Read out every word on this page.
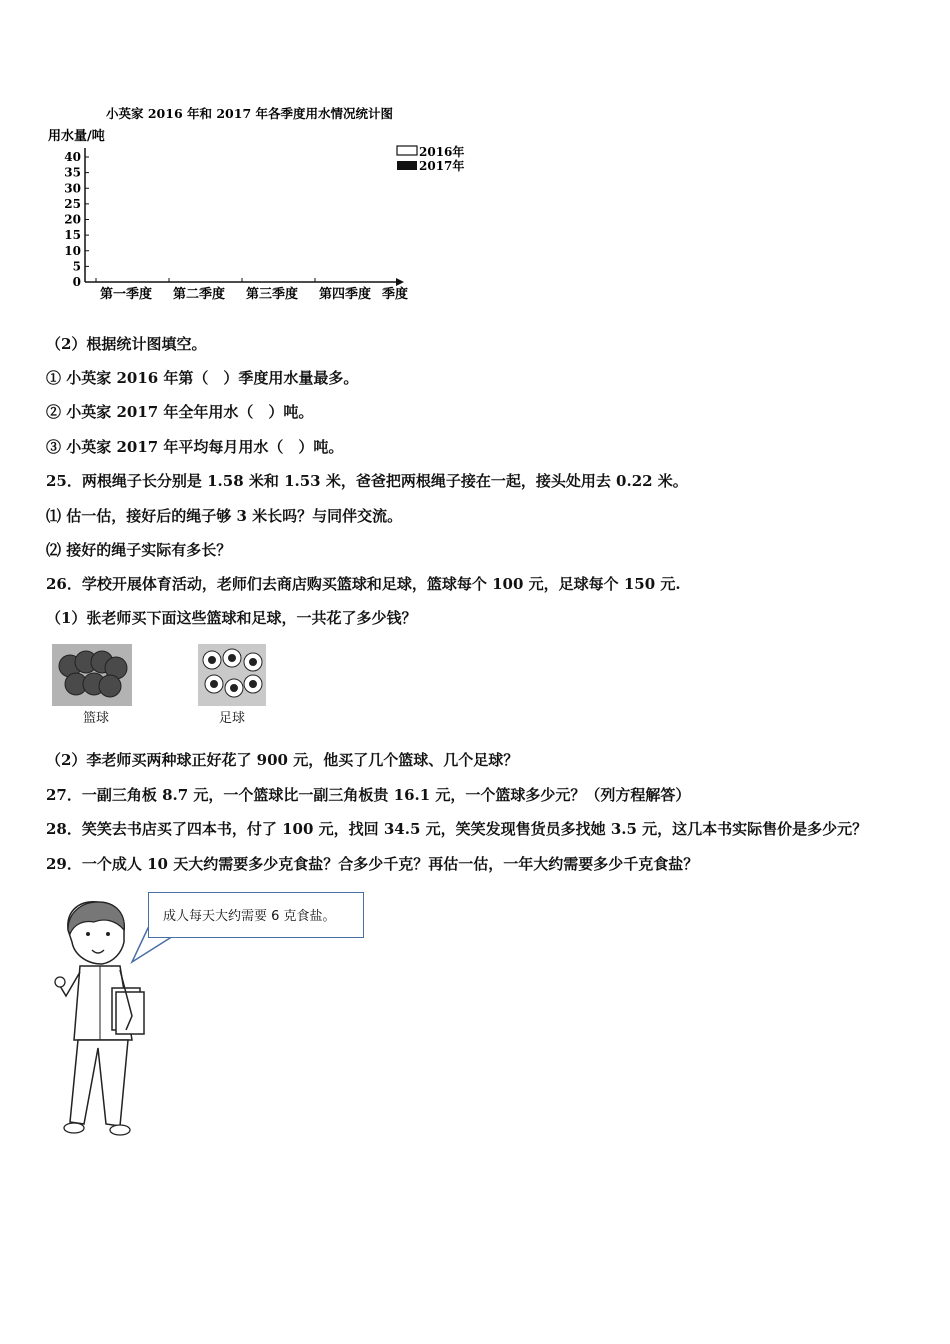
小英家 2016 年和 2017 年各季度用水情况统计图
用水量/吨
0
5
10
15
20
25
30
35
40
第一季度 第二季度 第三季度 第四季度 季度
2016年
2017年
（2）根据统计图填空。
① 小英家 2016 年第（　）季度用水量最多。
② 小英家 2017 年全年用水（　）吨。
③ 小英家 2017 年平均每月用水（　）吨。
25．两根绳子长分别是 1.58 米和 1.53 米，爸爸把两根绳子接在一起，接头处用去 0.22 米。
⑴ 估一估，接好后的绳子够 3 米长吗？与同伴交流。
⑵ 接好的绳子实际有多长？
26．学校开展体育活动，老师们去商店购买篮球和足球，篮球每个 100 元，足球每个 150 元.
（1）张老师买下面这些篮球和足球，一共花了多少钱？
篮球	足球
（2）李老师买两种球正好花了 900 元，他买了几个篮球、几个足球？
27．一副三角板 8.7 元，一个篮球比一副三角板贵 16.1 元，一个篮球多少元？（列方程解答）
28．笑笑去书店买了四本书，付了 100 元，找回 34.5 元，笑笑发现售货员多找她 3.5 元，这几本书实际售价是多少元？
29．一个成人 10 天大约需要多少克食盐？合多少千克？再估一估，一年大约需要多少千克食盐？
成人每天大约需要 6 克食盐。
